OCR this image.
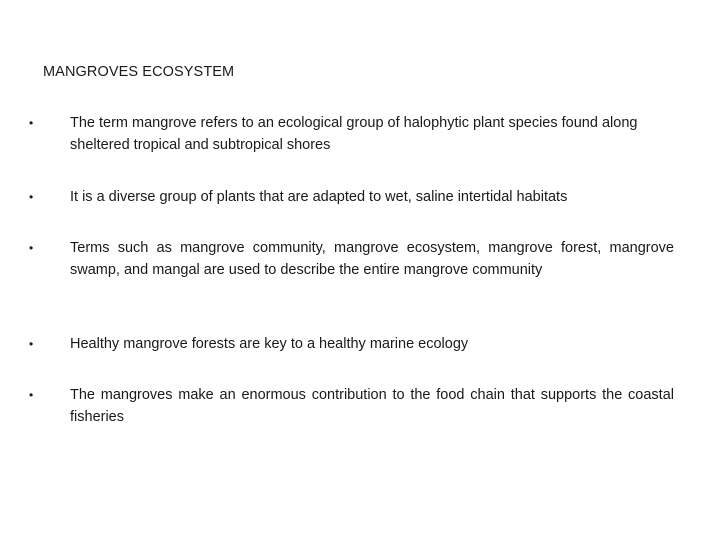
MANGROVES ECOSYSTEM
•	The term mangrove refers to an ecological group of halophytic plant species found along sheltered tropical and subtropical shores

•	It is a diverse group of plants that are adapted to wet, saline intertidal habitats

•	Terms such as mangrove community, mangrove ecosystem, mangrove forest, mangrove swamp, and mangal are used to describe the entire mangrove community

•	Healthy mangrove forests are key to a healthy marine ecology

•	The mangroves make an enormous contribution to the food chain that supports the coastal fisheries
